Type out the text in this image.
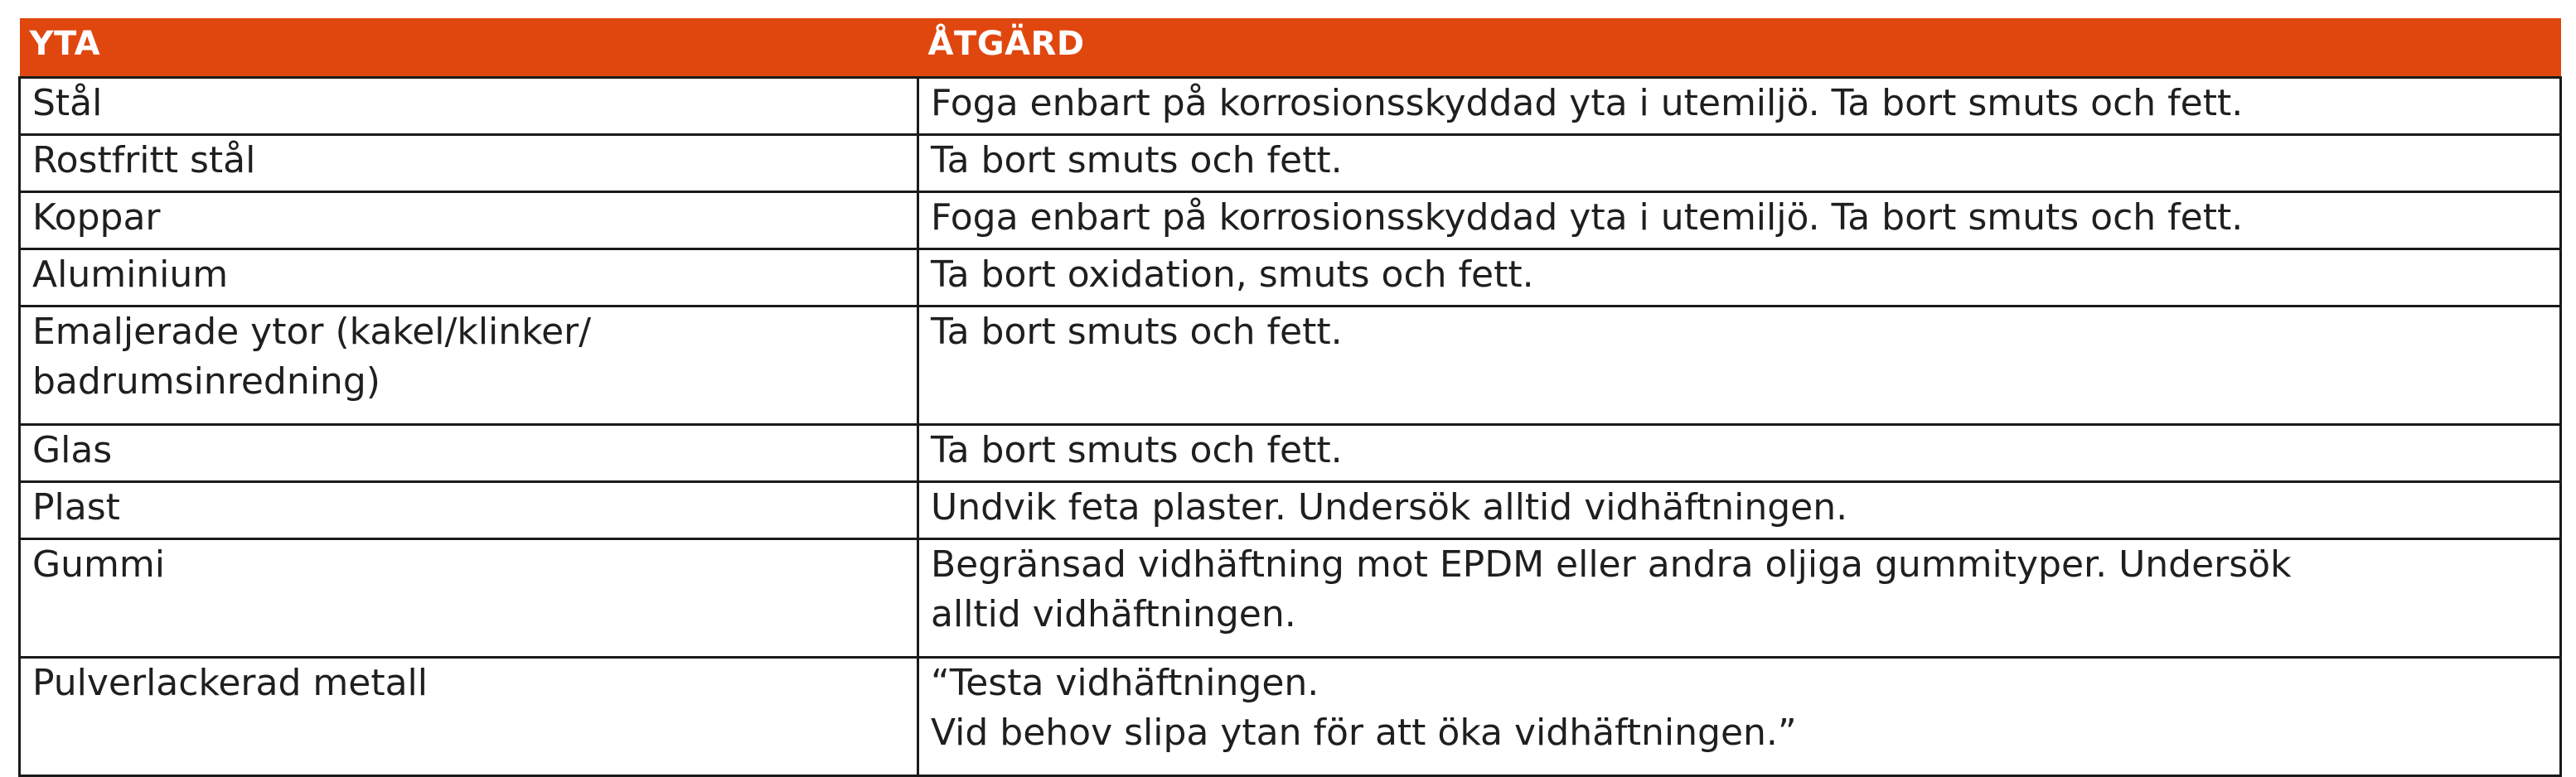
YTA	ÅTGÄRD
Stål	Foga enbart på korrosionsskyddad yta i utemiljö. Ta bort smuts och fett.
Rostfritt stål	Ta bort smuts och fett.
Koppar	Foga enbart på korrosionsskyddad yta i utemiljö. Ta bort smuts och fett.
Aluminium	Ta bort oxidation, smuts och fett.
Emaljerade ytor (kakel/klinker/
badrumsinredning)	Ta bort smuts och fett.
Glas	Ta bort smuts och fett.
Plast	Undvik feta plaster. Undersök alltid vidhäftningen.
Gummi	Begränsad vidhäftning mot EPDM eller andra oljiga gummityper. Undersök
alltid vidhäftningen.
Pulverlackerad metall	“Testa vidhäftningen.
Vid behov slipa ytan för att öka vidhäftningen.”
